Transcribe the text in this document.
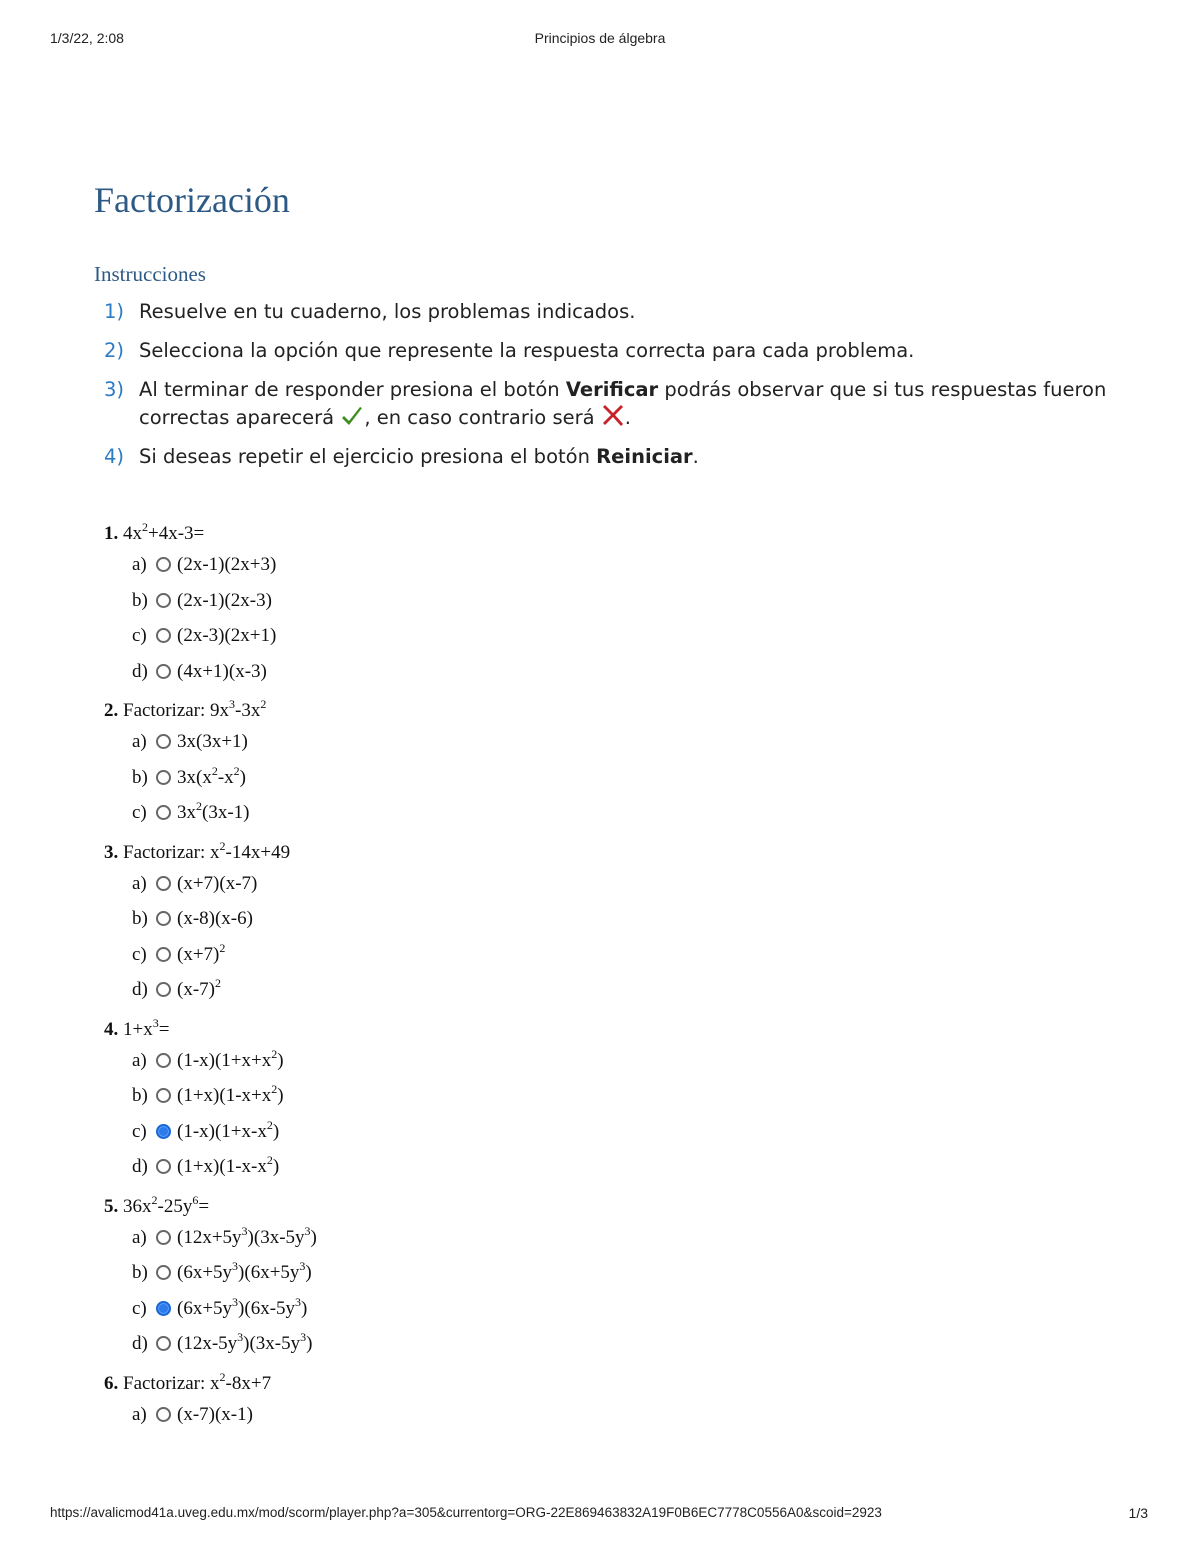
1/3/22, 2:08	Principios de álgebra
Factorización
Instrucciones
1) Resuelve en tu cuaderno, los problemas indicados.
2) Selecciona la opción que represente la respuesta correcta para cada problema.
3) Al terminar de responder presiona el botón Verificar podrás observar que si tus respuestas fueron correctas aparecerá , en caso contrario será .
4) Si deseas repetir el ejercicio presiona el botón Reiniciar.
1. $4x^2+4x-3=$
a)	(2x-1)(2x+3)
b)	(2x-1)(2x-3)
c)	(2x-3)(2x+1)
d)	(4x+1)(x-3)
2. Factorizar: $9x^3-3x^2$
a)	3x(3x+1)
b)	$3x(x^2-x^2)$
c)	$3x^2(3x-1)$
3. Factorizar: $x^2-14x+49$
a)	(x+7)(x-7)
b)	(x-8)(x-6)
c)	$(x+7)^2$
d)	$(x-7)^2$
4. $1+x^3=$
a)	$(1-x)(1+x+x^2)$
b)	$(1+x)(1-x+x^2)$
c)	$(1-x)(1+x-x^2)$
d)	$(1+x)(1-x-x^2)$
5. $36x^2-25y^6=$
a)	$(12x+5y^3)(3x-5y^3)$
b)	$(6x+5y^3)(6x+5y^3)$
c)	$(6x+5y^3)(6x-5y^3)$
d)	$(12x-5y^3)(3x-5y^3)$
6. Factorizar: $x^2-8x+7$
a)	(x-7)(x-1)
https://avalicmod41a.uveg.edu.mx/mod/scorm/player.php?a=305&currentorg=ORG-22E869463832A19F0B6EC7778C0556A0&scoid=2923	1/3
